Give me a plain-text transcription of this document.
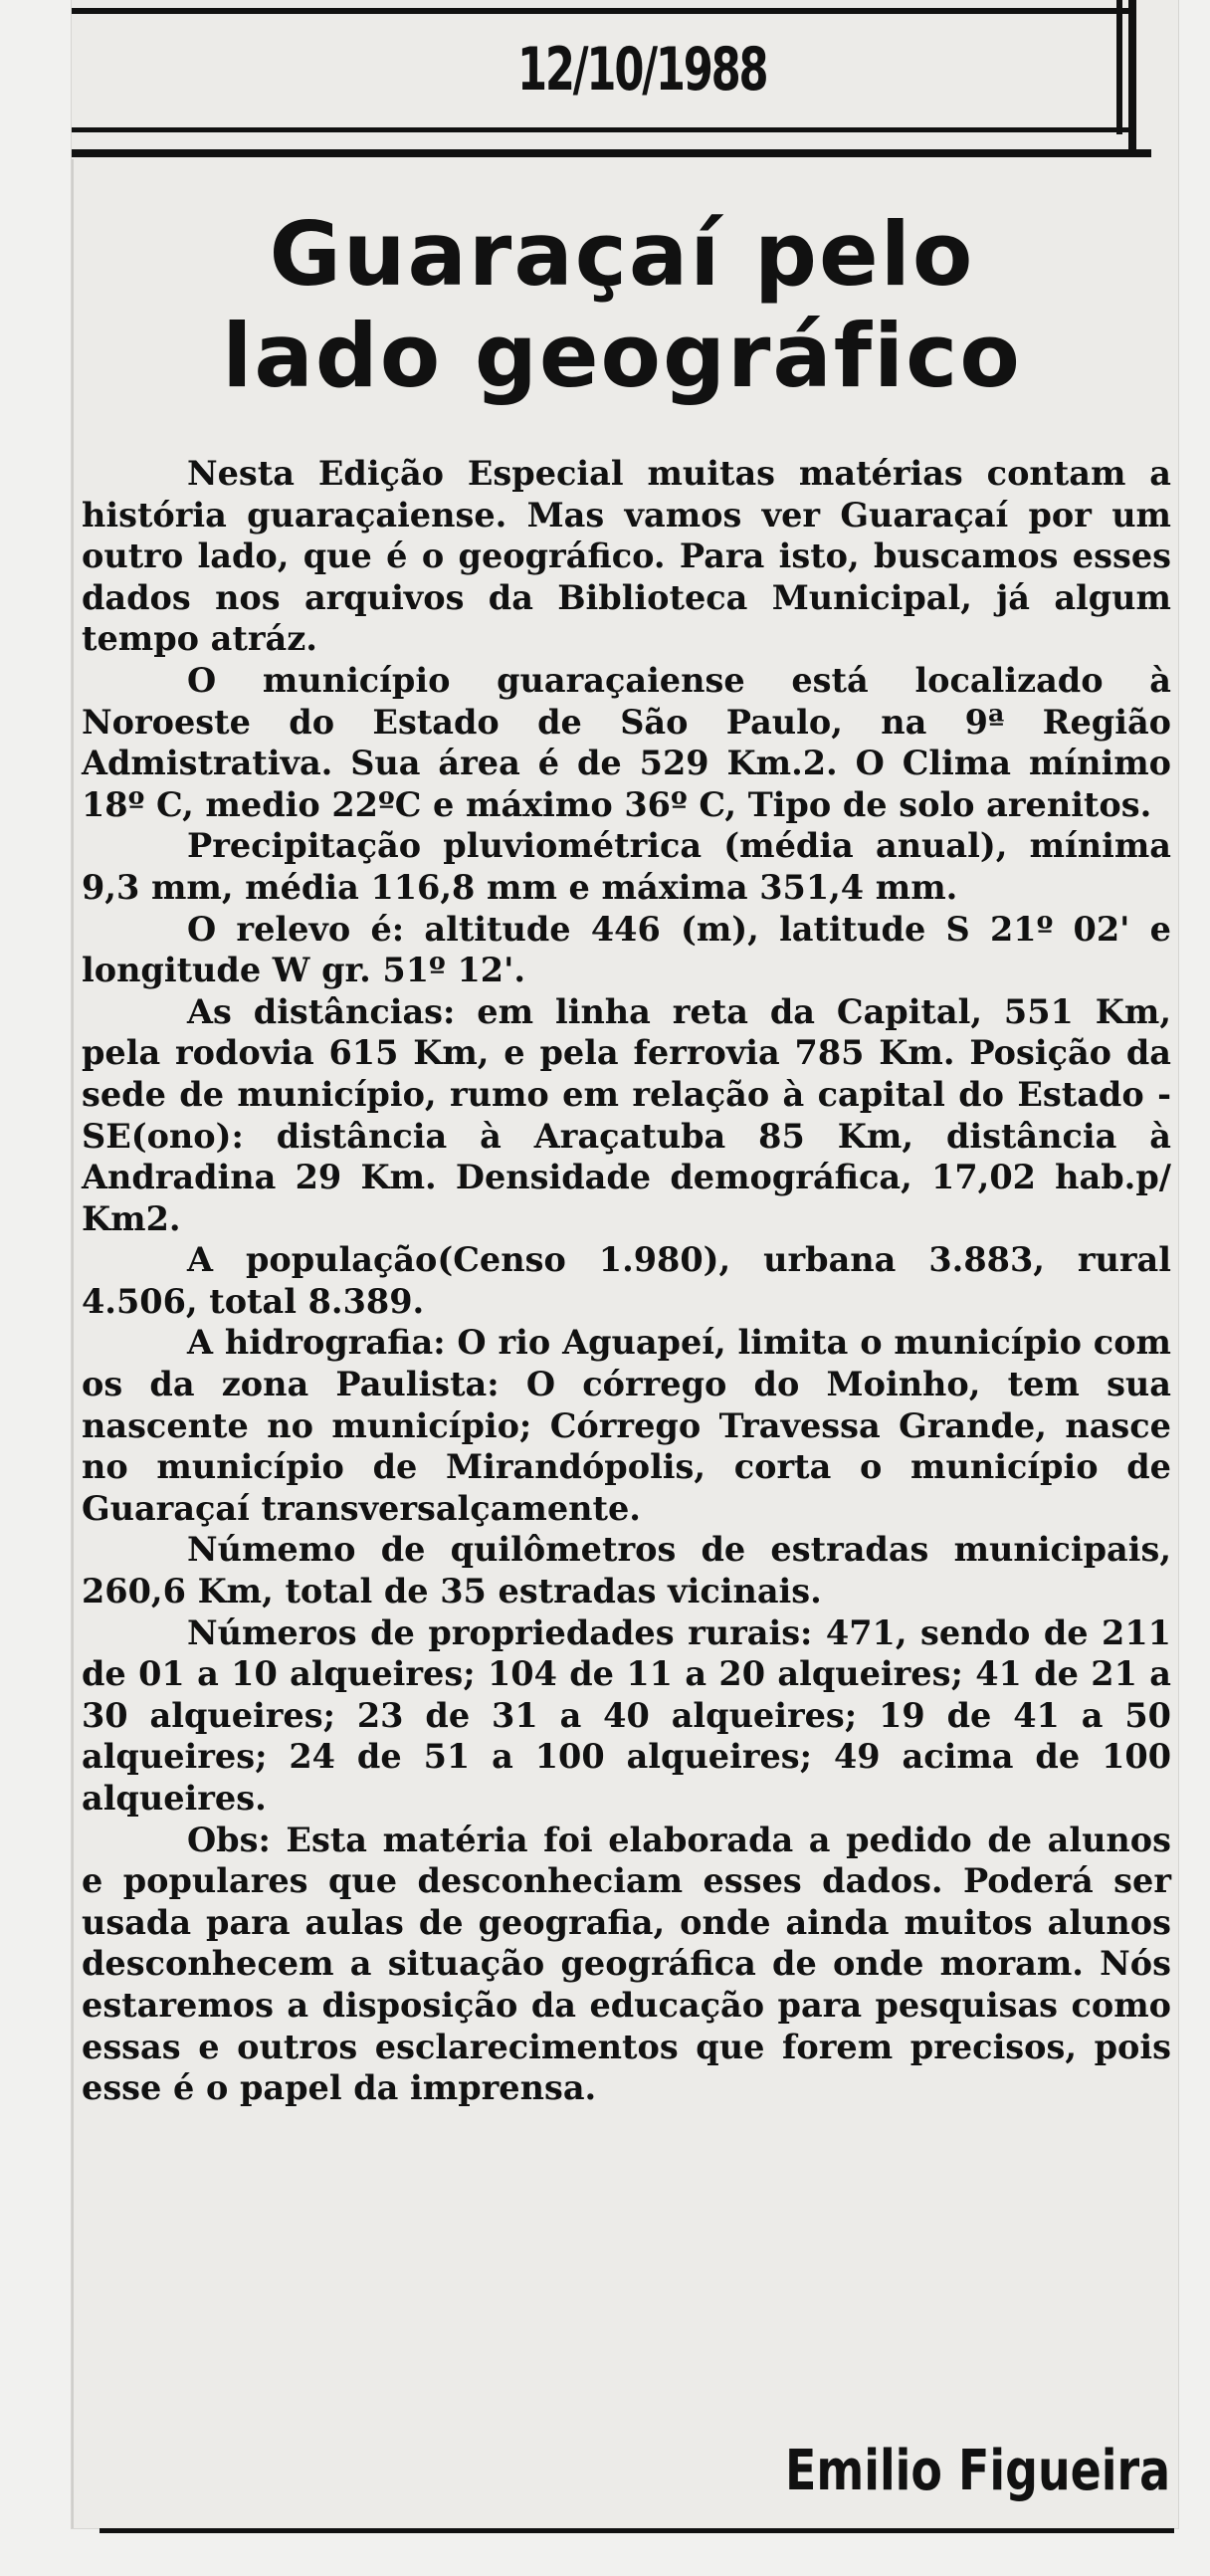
12/10/1988
Guaraçaí pelo
lado geográfico

Nesta Edição Especial muitas matérias contam a história guaraçaiense. Mas vamos ver Guaraçaí por um outro lado, que é o geográfico. Para isto, buscamos esses dados nos arquivos da Biblioteca Municipal, já algum tempo atráz.

O município guaraçaiense está localizado à Noroeste do Estado de São Paulo, na 9ª Região Admistrativa. Sua área é de 529 Km.2. O Clima mínimo 18º C, medio 22ºC e máximo 36º C, Tipo de solo arenitos.

Precipitação pluviométrica (média anual), mínima 9,3 mm, média 116,8 mm e máxima 351,4 mm.

O relevo é: altitude 446 (m), latitude S 21º 02' e longitude W gr. 51º 12'.

As distâncias: em linha reta da Capital, 551 Km, pela rodovia 615 Km, e pela ferrovia 785 Km. Posição da sede de município, rumo em relação à capital do Estado - SE(ono): distância à Araçatuba 85 Km, distância à Andradina 29 Km. Densidade demográfica, 17,02 hab.p/ Km2.

A população(Censo 1.980), urbana 3.883, rural 4.506, total 8.389.

A hidrografia: O rio Aguapeí, limita o município com os da zona Paulista: O córrego do Moinho, tem sua nascente no município; Córrego Travessa Grande, nasce no município de Mirandópolis, corta o município de Guaraçaí transversalçamente.

Númemo de quilômetros de estradas municipais, 260,6 Km, total de 35 estradas vicinais.

Números de propriedades rurais: 471, sendo de 211 de 01 a 10 alqueires; 104 de 11 a 20 alqueires; 41 de 21 a 30 alqueires; 23 de 31 a 40 alqueires; 19 de 41 a 50 alqueires; 24 de 51 a 100 alqueires; 49 acima de 100 alqueires.

Obs: Esta matéria foi elaborada a pedido de alunos e populares que desconheciam esses dados. Poderá ser usada para aulas de geografia, onde ainda muitos alunos desconhecem a situação geográfica de onde moram. Nós estaremos a disposição da educação para pesquisas como essas e outros esclarecimentos que forem precisos, pois esse é o papel da imprensa.

Emilio Figueira
